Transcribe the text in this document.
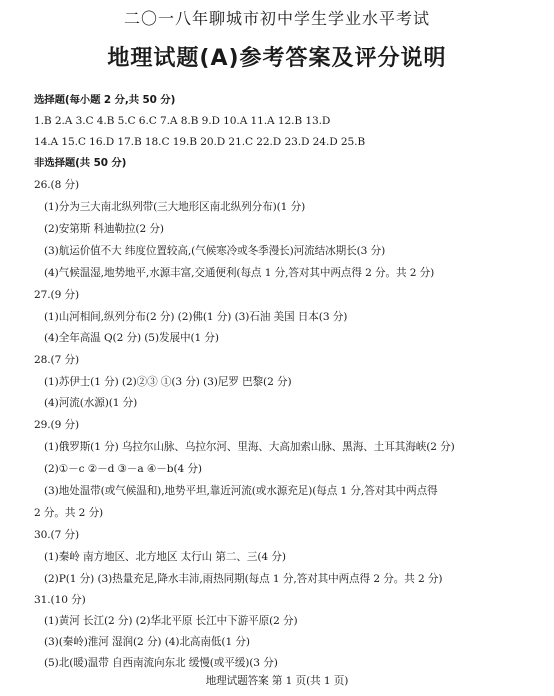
二〇一八年聊城市初中学生学业水平考试
地理试题(A)参考答案及评分说明
选择题(每小题 2 分,共 50 分)
1.B 2.A 3.C 4.B 5.C 6.C 7.A 8.B 9.D 10.A 11.A 12.B 13.D
14.A 15.C 16.D 17.B 18.C 19.B 20.D 21.C 22.D 23.D 24.D 25.B
非选择题(共 50 分)
26.(8 分)
(1)分为三大南北纵列带(三大地形区南北纵列分布)(1 分)
(2)安第斯 科迪勒拉(2 分)
(3)航运价值不大 纬度位置较高,(气候寒冷或冬季漫长)河流结冰期长(3 分)
(4)气候温湿,地势地平,水源丰富,交通便利(每点 1 分,答对其中两点得 2 分。共 2 分)
27.(9 分)
(1)山河相间,纵列分布(2 分) (2)佛(1 分) (3)石油 美国 日本(3 分)
(4)全年高温 Q(2 分) (5)发展中(1 分)
28.(7 分)
(1)苏伊士(1 分) (2)②③ ①(3 分) (3)尼罗 巴黎(2 分)
(4)河流(水源)(1 分)
29.(9 分)
(1)俄罗斯(1 分) 乌拉尔山脉、乌拉尔河、里海、大高加索山脉、黑海、土耳其海峡(2 分)
(2)①－c ②－d ③－a ④－b(4 分)
(3)地处温带(或气候温和),地势平坦,靠近河流(或水源充足)(每点 1 分,答对其中两点得
2 分。共 2 分)
30.(7 分)
(1)秦岭 南方地区、北方地区 太行山 第二、三(4 分)
(2)P(1 分) (3)热量充足,降水丰沛,雨热同期(每点 1 分,答对其中两点得 2 分。共 2 分)
31.(10 分)
(1)黄河 长江(2 分) (2)华北平原 长江中下游平原(2 分)
(3)(秦岭)淮河 湿润(2 分) (4)北高南低(1 分)
(5)北(暖)温带 自西南流向东北 缓慢(或平缓)(3 分)
地理试题答案 第 1 页(共 1 页)
